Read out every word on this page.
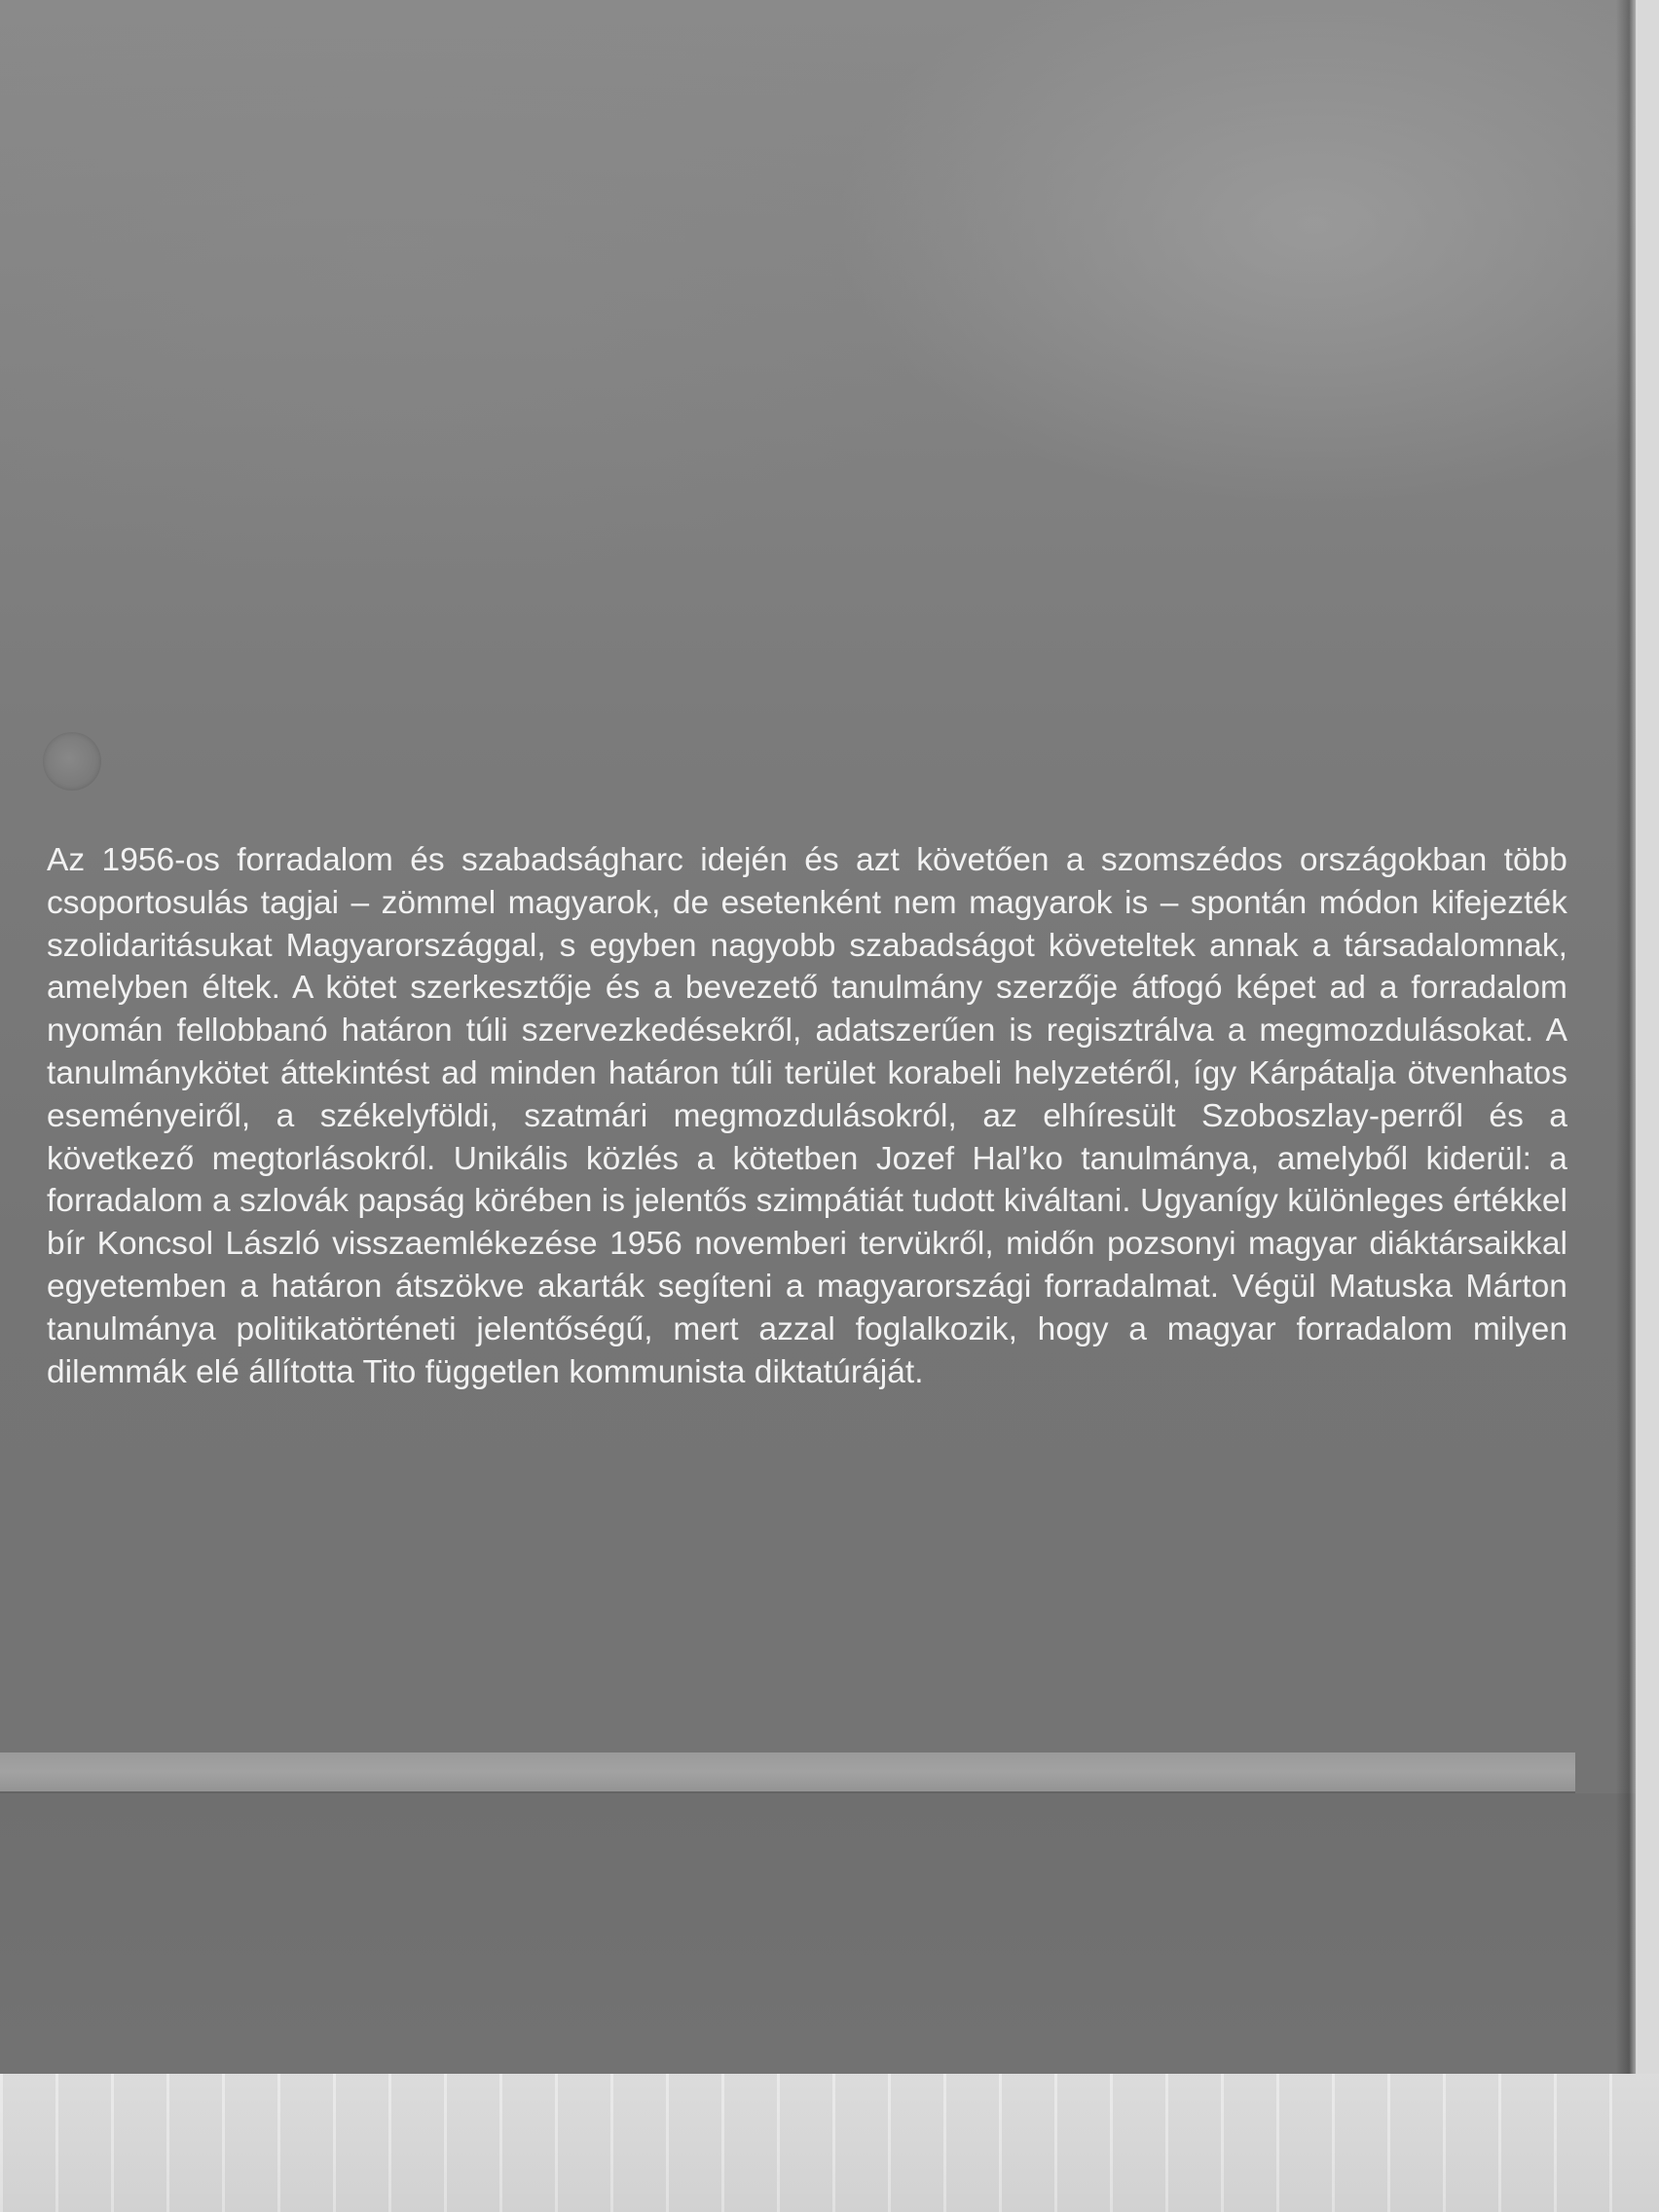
Az 1956-os forradalom és szabadságharc idején és azt követően a szomszédos országokban több csoportosulás tagjai – zömmel magyarok, de esetenként nem magyarok is – spontán módon kifejezték szolidaritásukat Magyarországgal, s egyben nagyobb szabadságot követeltek annak a társadalomnak, amelyben éltek. A kötet szerkesztője és a bevezető tanulmány szerzője átfogó képet ad a forradalom nyomán fellobbanó határon túli szervezkedésekről, adatszerűen is regisztrálva a megmozdulásokat. A tanulmánykötet áttekintést ad minden határon túli terület korabeli helyzetéről, így Kárpátalja ötvenhatos eseményeiről, a székelyföldi, szatmári megmozdulásokról, az elhíresült Szoboszlay-perről és a következő megtorlásokról. Unikális közlés a kötetben Jozef Hal’ko tanulmánya, amelyből kiderül: a forradalom a szlovák papság körében is jelentős szimpátiát tudott kiváltani. Ugyanígy különleges értékkel bír Koncsol László visszaemlékezése 1956 novemberi tervükről, midőn pozsonyi magyar diáktársaikkal egyetemben a határon átszökve akarták segíteni a magyarországi forradalmat. Végül Matuska Márton tanulmánya politikatörténeti jelentőségű, mert azzal foglalkozik, hogy a magyar forradalom milyen dilemmák elé állította Tito független kommunista diktatúráját.
